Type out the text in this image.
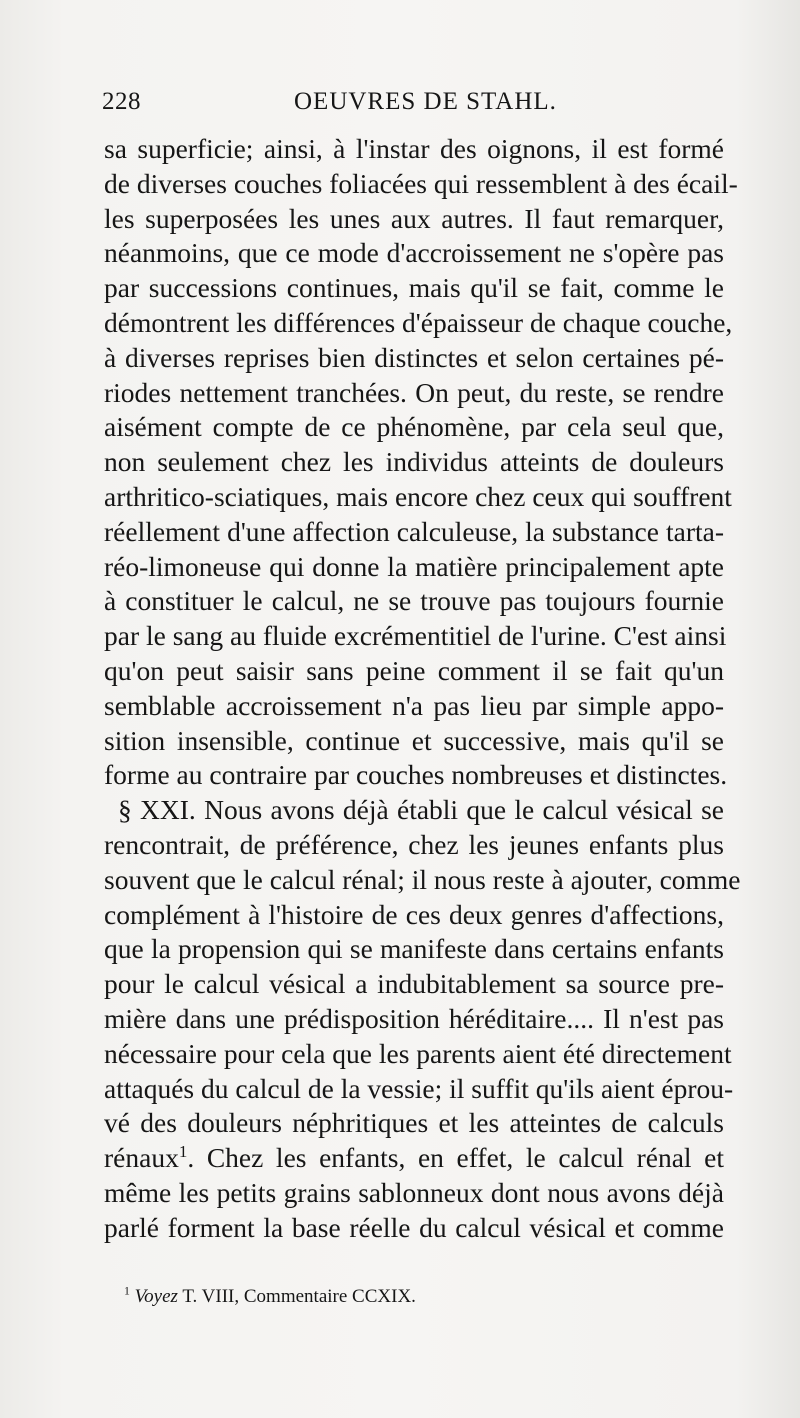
228	OEUVRES DE STAHL.
sa superficie; ainsi, à l'instar des oignons, il est formé
de diverses couches foliacées qui ressemblent à des écail-
les superposées les unes aux autres. Il faut remarquer,
néanmoins, que ce mode d'accroissement ne s'opère pas
par successions continues, mais qu'il se fait, comme le
démontrent les différences d'épaisseur de chaque couche,
à diverses reprises bien distinctes et selon certaines pé-
riodes nettement tranchées. On peut, du reste, se rendre
aisément compte de ce phénomène, par cela seul que,
non seulement chez les individus atteints de douleurs
arthritico-sciatiques, mais encore chez ceux qui souffrent
réellement d'une affection calculeuse, la substance tarta-
réo-limoneuse qui donne la matière principalement apte
à constituer le calcul, ne se trouve pas toujours fournie
par le sang au fluide excrémentitiel de l'urine. C'est ainsi
qu'on peut saisir sans peine comment il se fait qu'un
semblable accroissement n'a pas lieu par simple appo-
sition insensible, continue et successive, mais qu'il se
forme au contraire par couches nombreuses et distinctes.
§ XXI. Nous avons déjà établi que le calcul vésical se
rencontrait, de préférence, chez les jeunes enfants plus
souvent que le calcul rénal; il nous reste à ajouter, comme
complément à l'histoire de ces deux genres d'affections,
que la propension qui se manifeste dans certains enfants
pour le calcul vésical a indubitablement sa source pre-
mière dans une prédisposition héréditaire.... Il n'est pas
nécessaire pour cela que les parents aient été directement
attaqués du calcul de la vessie; il suffit qu'ils aient éprou-
vé des douleurs néphritiques et les atteintes de calculs
rénaux$^1$. Chez les enfants, en effet, le calcul rénal et
même les petits grains sablonneux dont nous avons déjà
parlé forment la base réelle du calcul vésical et comme
$^1$ Voyez T. VIII, Commentaire CCXIX.
